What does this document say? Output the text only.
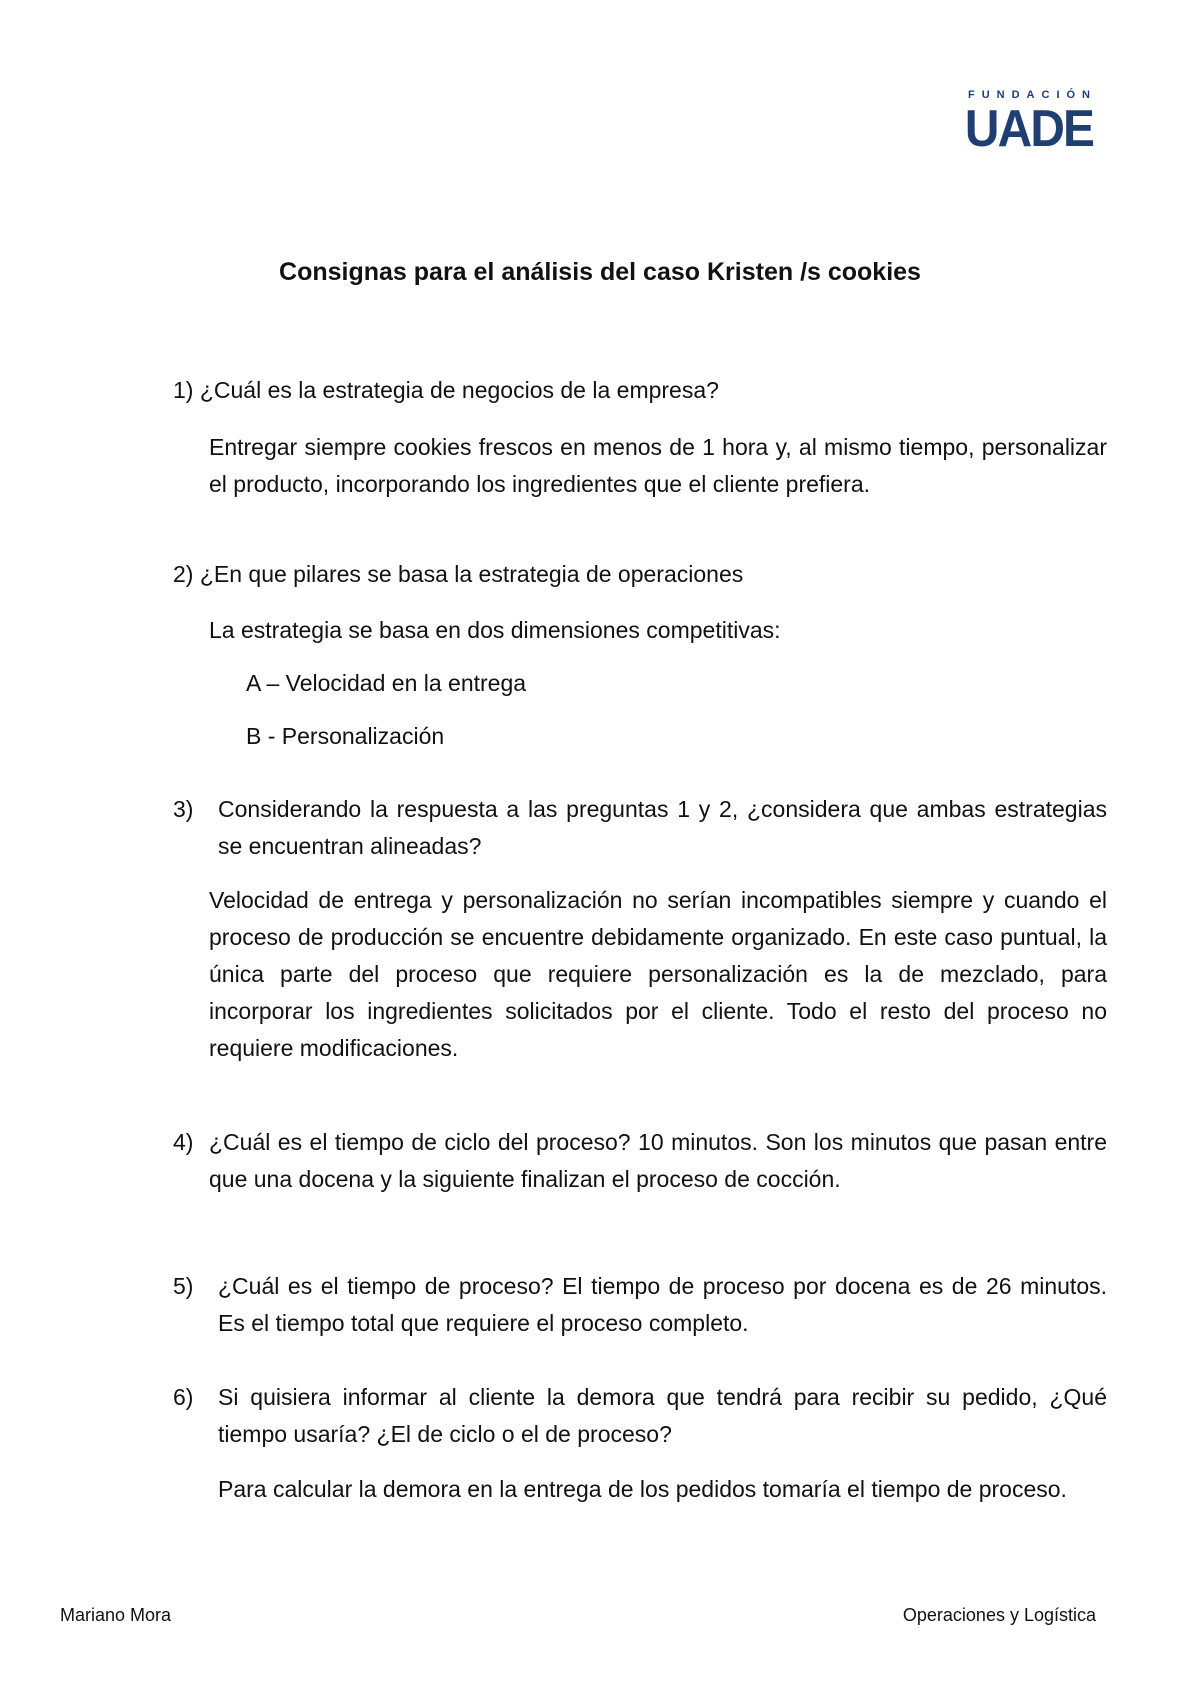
FUNDACIÓN
UADE
Consignas para el análisis del caso Kristen /s cookies
1) ¿Cuál es la estrategia de negocios de la empresa?
Entregar siempre cookies frescos en menos de 1 hora y, al mismo tiempo, personalizar el producto, incorporando los ingredientes que el cliente prefiera.
2) ¿En que pilares se basa la estrategia de operaciones
La estrategia se basa en dos dimensiones competitivas:
A – Velocidad en la entrega
B - Personalización
3) Considerando la respuesta a las preguntas 1 y 2, ¿considera que ambas estrategias se encuentran alineadas?
Velocidad de entrega y personalización no serían incompatibles siempre y cuando el proceso de producción se encuentre debidamente organizado. En este caso puntual, la única parte del proceso que requiere personalización es la de mezclado, para incorporar los ingredientes solicitados por el cliente. Todo el resto del proceso no requiere modificaciones.
4) ¿Cuál es el tiempo de ciclo del proceso? 10 minutos. Son los minutos que pasan entre que una docena y la siguiente finalizan el proceso de cocción.
5) ¿Cuál es el tiempo de proceso? El tiempo de proceso por docena es de 26 minutos. Es el tiempo total que requiere el proceso completo.
6) Si quisiera informar al cliente la demora que tendrá para recibir su pedido, ¿Qué tiempo usaría? ¿El de ciclo o el de proceso?
Para calcular la demora en la entrega de los pedidos tomaría el tiempo de proceso.
Mariano Mora	Operaciones y Logística
